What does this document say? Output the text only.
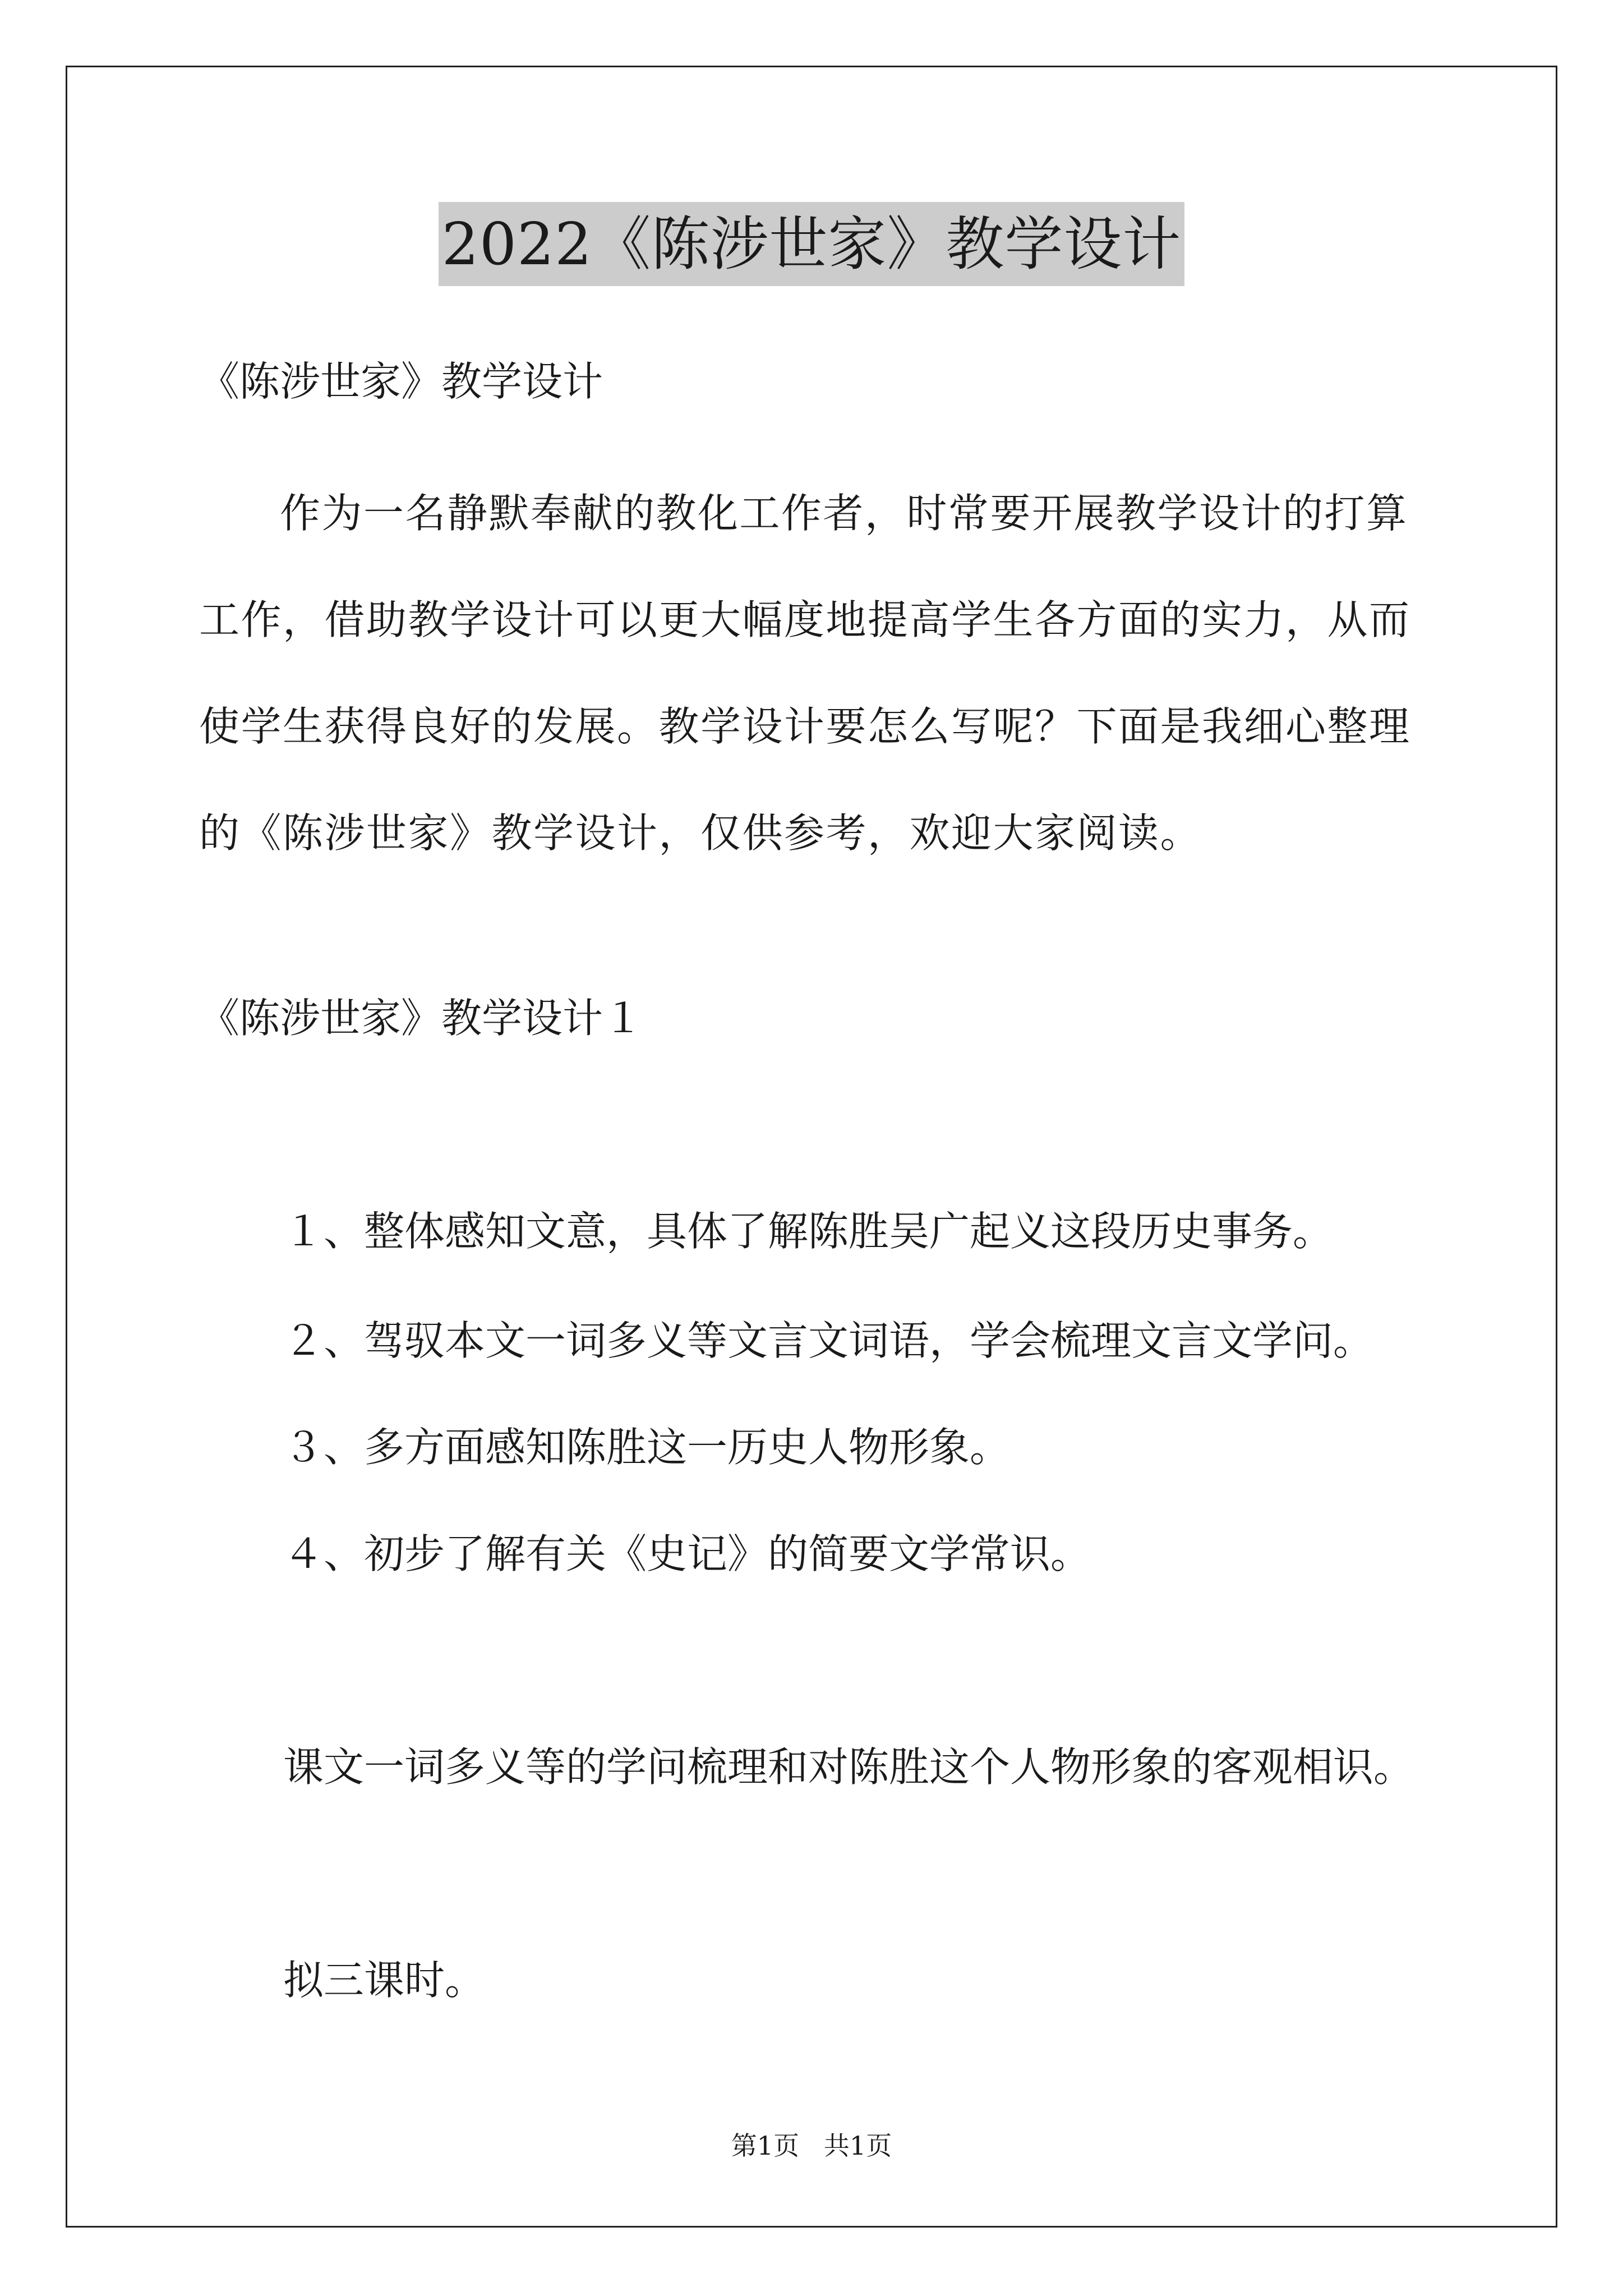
2022《陈涉世家》教学设计
《陈涉世家》教学设计
作为一名静默奉献的教化工作者，时常要开展教学设计的打算工作，借助教学设计可以更大幅度地提高学生各方面的实力，从而使学生获得良好的发展。教学设计要怎么写呢？下面是我细心整理的《陈涉世家》教学设计，仅供参考，欢迎大家阅读。
《陈涉世家》教学设计１
１、整体感知文意，具体了解陈胜吴广起义这段历史事务。
２、驾驭本文一词多义等文言文词语，学会梳理文言文学问。
３、多方面感知陈胜这一历史人物形象。
４、初步了解有关《史记》的简要文学常识。
课文一词多义等的学问梳理和对陈胜这个人物形象的客观相识。
拟三课时。
第1页   共1页
